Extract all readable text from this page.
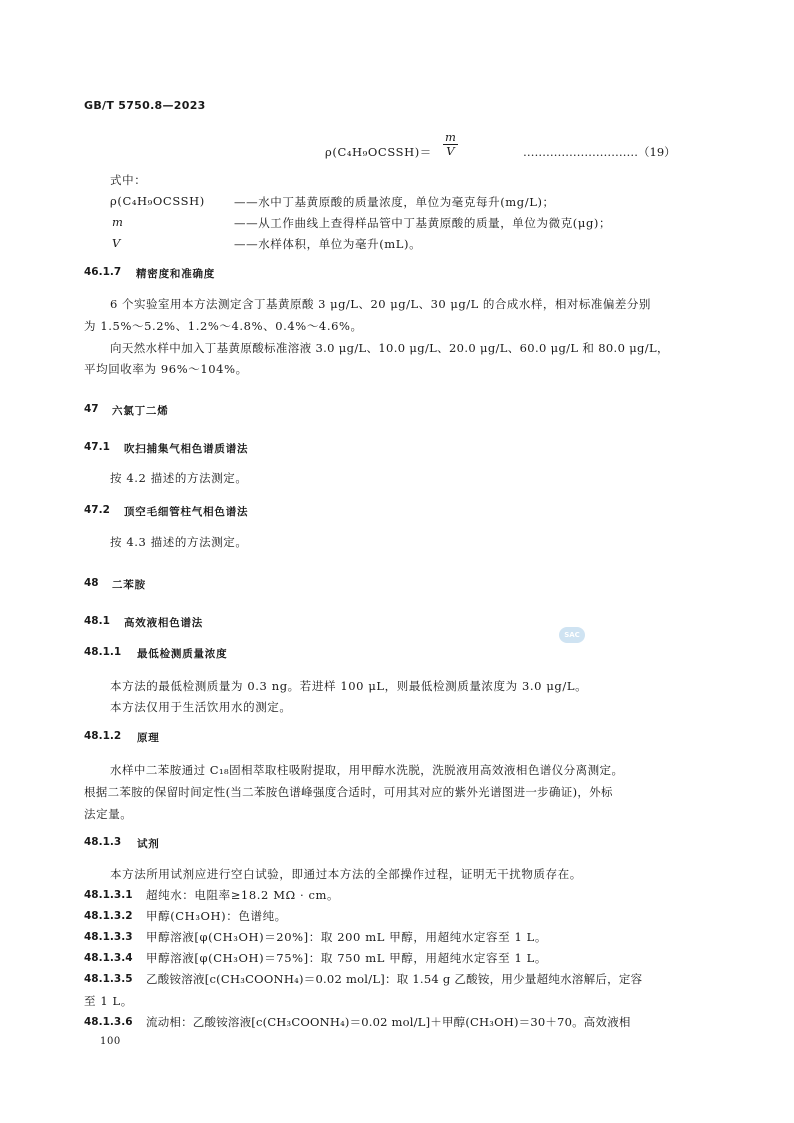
GB/T 5750.8—2023
ρ(C₄H₉OCSSH)＝ $\frac{m}{V}$	…………………………（19）
式中：
ρ(C₄H₉OCSSH)	——水中丁基黄原酸的质量浓度，单位为毫克每升(mg/L)；
m	——从工作曲线上查得样品管中丁基黄原酸的质量，单位为微克(μg)；
V	——水样体积，单位为毫升(mL)。
46.1.7 精密度和准确度
6 个实验室用本方法测定含丁基黄原酸 3 μg/L、20 μg/L、30 μg/L 的合成水样，相对标准偏差分别
为 1.5%～5.2%、1.2%～4.8%、0.4%～4.6%。
向天然水样中加入丁基黄原酸标准溶液 3.0 μg/L、10.0 μg/L、20.0 μg/L、60.0 μg/L 和 80.0 μg/L，
平均回收率为 96%～104%。
47 六氯丁二烯
47.1 吹扫捕集气相色谱质谱法
按 4.2 描述的方法测定。
47.2 顶空毛细管柱气相色谱法
按 4.3 描述的方法测定。
48 二苯胺
48.1 高效液相色谱法
SAC
48.1.1 最低检测质量浓度
本方法的最低检测质量为 0.3 ng。若进样 100 μL，则最低检测质量浓度为 3.0 μg/L。
本方法仅用于生活饮用水的测定。
48.1.2 原理
水样中二苯胺通过 C₁₈固相萃取柱吸附提取，用甲醇水洗脱，洗脱液用高效液相色谱仪分离测定。
根据二苯胺的保留时间定性(当二苯胺色谱峰强度合适时，可用其对应的紫外光谱图进一步确证)，外标
法定量。
48.1.3 试剂
本方法所用试剂应进行空白试验，即通过本方法的全部操作过程，证明无干扰物质存在。
48.1.3.1 超纯水：电阻率≥18.2 MΩ · cm。
48.1.3.2 甲醇(CH₃OH)：色谱纯。
48.1.3.3 甲醇溶液[φ(CH₃OH)＝20%]：取 200 mL 甲醇，用超纯水定容至 1 L。
48.1.3.4 甲醇溶液[φ(CH₃OH)＝75%]：取 750 mL 甲醇，用超纯水定容至 1 L。
48.1.3.5 乙酸铵溶液[c(CH₃COONH₄)＝0.02 mol/L]：取 1.54 g 乙酸铵，用少量超纯水溶解后，定容
至 1 L。
48.1.3.6 流动相：乙酸铵溶液[c(CH₃COONH₄)＝0.02 mol/L]＋甲醇(CH₃OH)＝30＋70。高效液相
100
